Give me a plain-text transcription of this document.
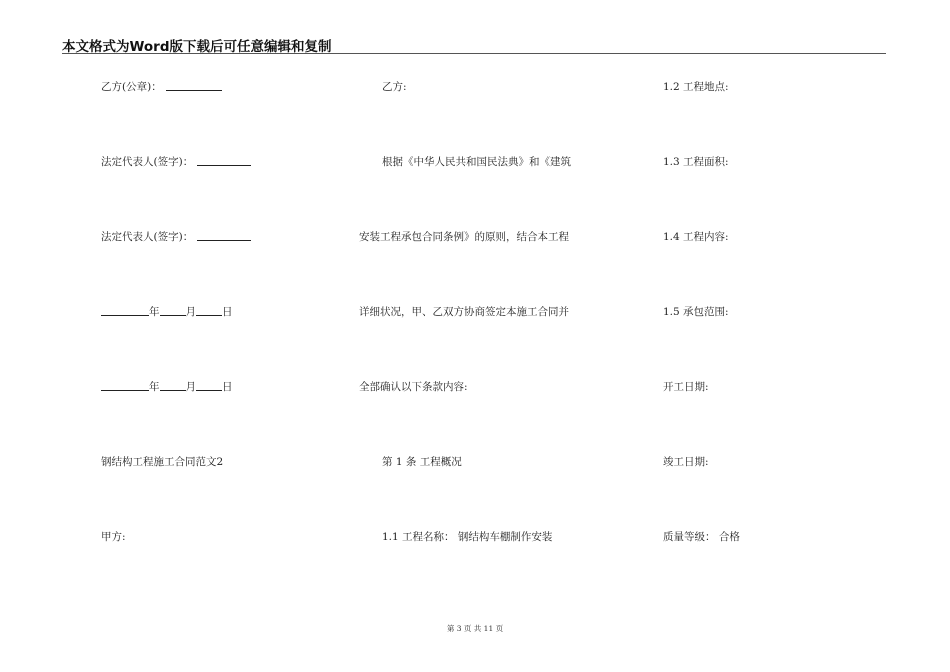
本文格式为Word版下载后可任意编辑和复制
乙方(公章)：
法定代表人(签字)：
法定代表人(签字)：
年 月 日
年 月 日
钢结构工程施工合同范文2
甲方:
乙方:
根据《中华人民共和国民法典》和《建筑
安装工程承包合同条例》的原则，结合本工程
详细状况，甲、乙双方协商签定本施工合同并
全部确认以下条款内容:
第 1 条 工程概况
1.1 工程名称： 钢结构车棚制作安装
1.2 工程地点:
1.3 工程面积:
1.4 工程内容:
1.5 承包范围:
开工日期:
竣工日期:
质量等级： 合格
第 3 页 共 11 页
